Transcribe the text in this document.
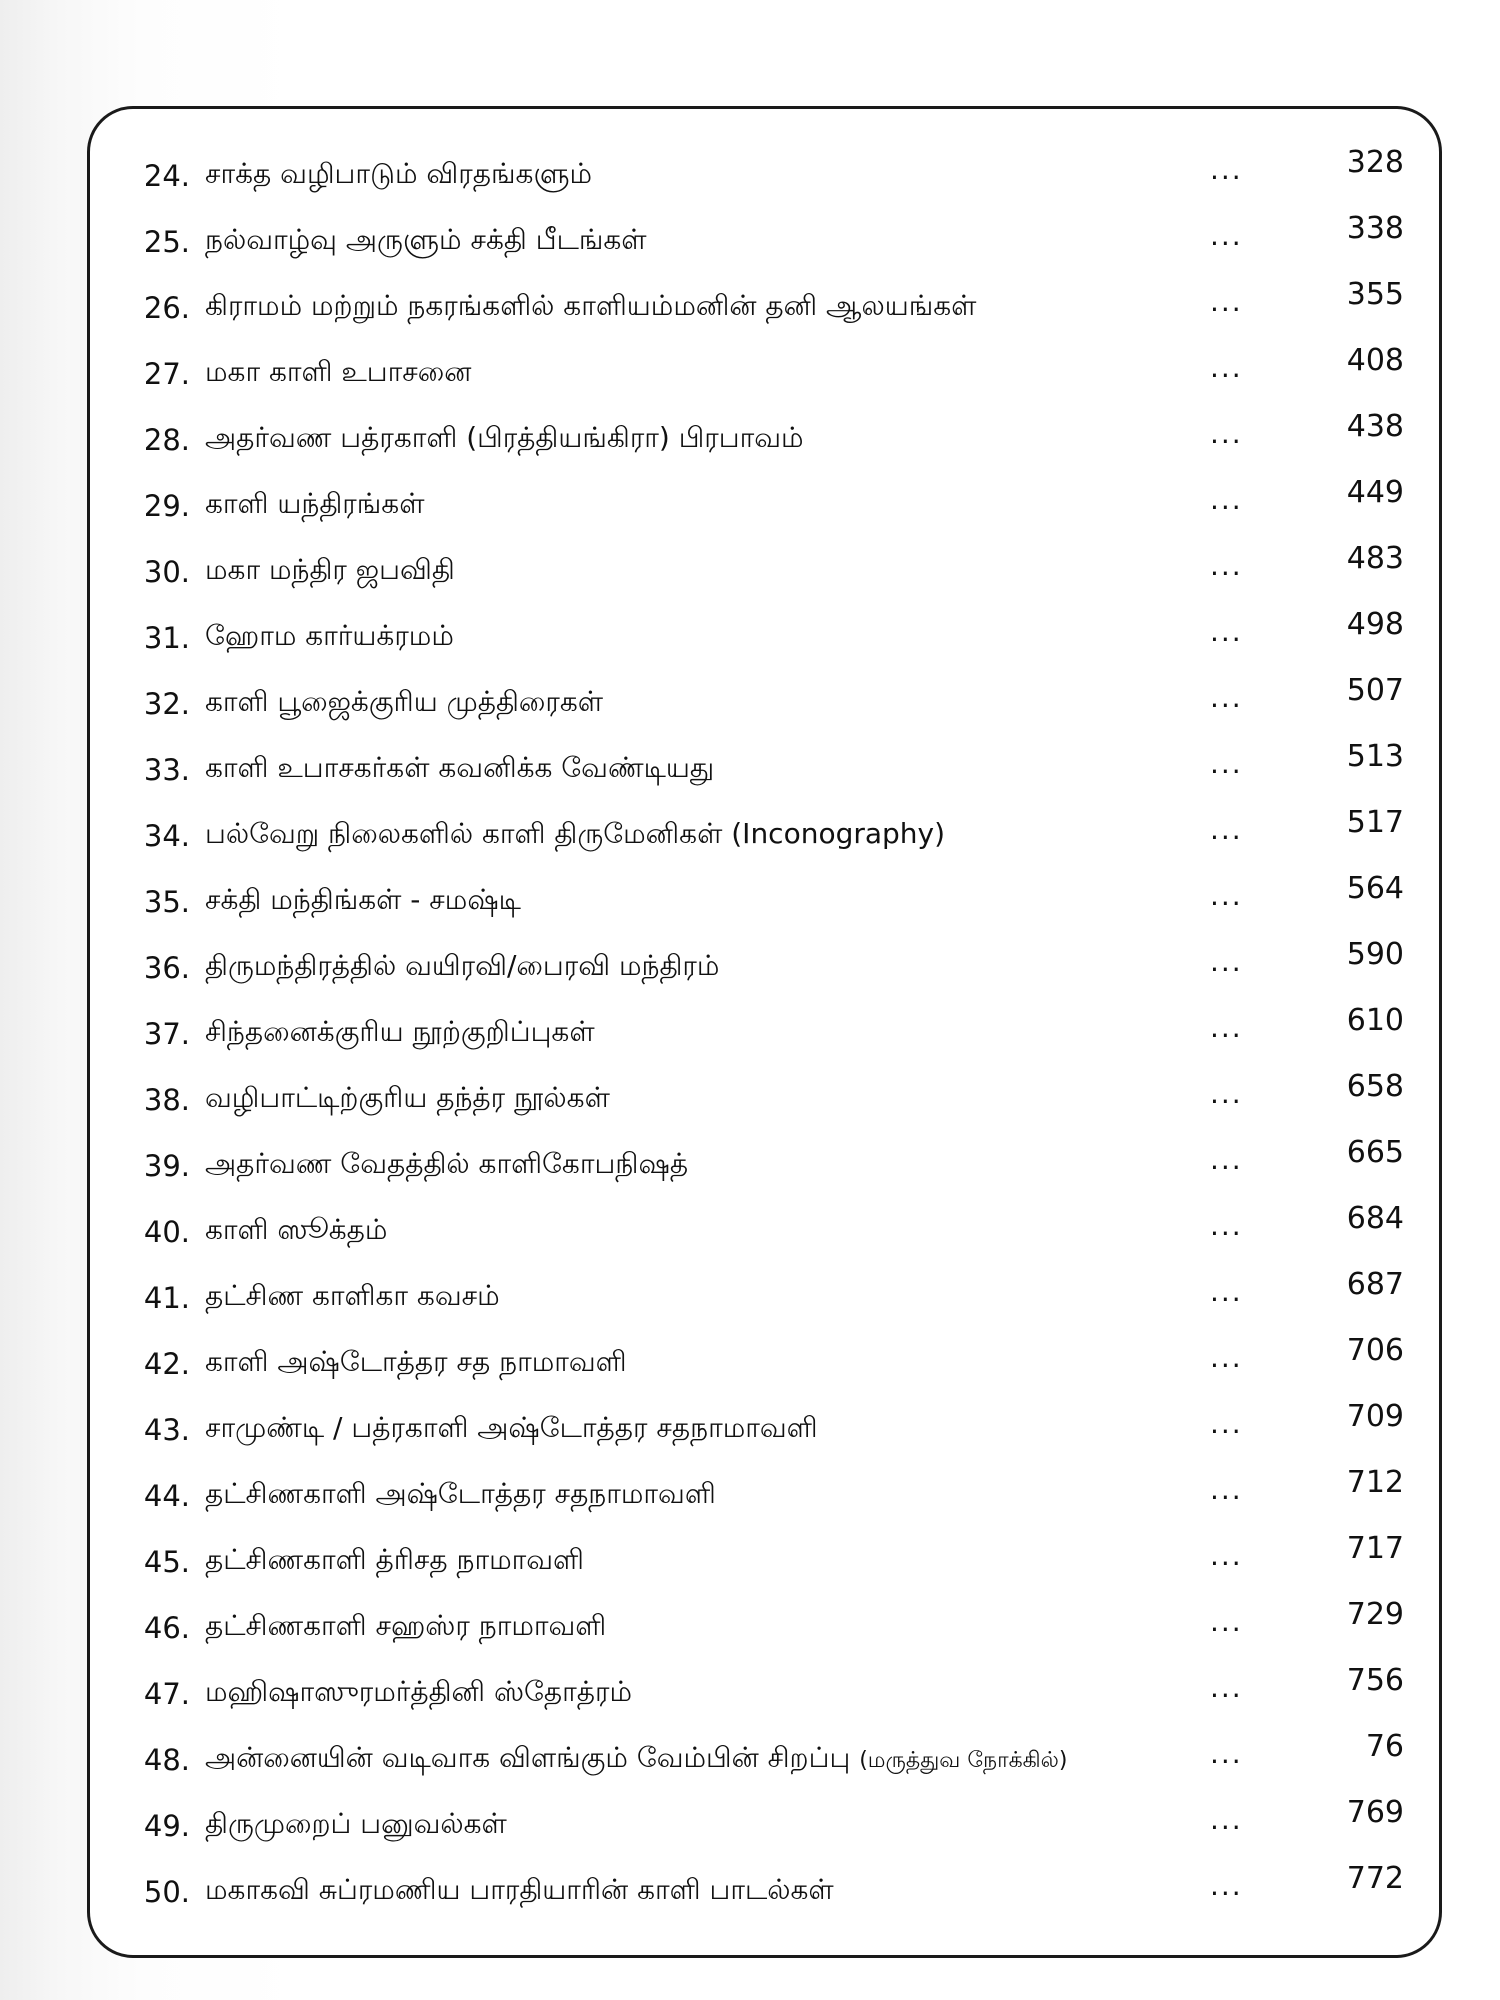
24. சாக்த வழிபாடும் விரதங்களும்	...	328
25. நல்வாழ்வு அருளும் சக்தி பீடங்கள்	...	338
26. கிராமம் மற்றும் நகரங்களில் காளியம்மனின் தனி ஆலயங்கள்	...	355
27. மகா காளி உபாசனை	...	408
28. அதர்வண பத்ரகாளி (பிரத்தியங்கிரா) பிரபாவம்	...	438
29. காளி யந்திரங்கள்	...	449
30. மகா மந்திர ஜபவிதி	...	483
31. ஹோம கார்யக்ரமம்	...	498
32. காளி பூஜைக்குரிய முத்திரைகள்	...	507
33. காளி உபாசகர்கள் கவனிக்க வேண்டியது	...	513
34. பல்வேறு நிலைகளில் காளி திருமேனிகள் (Inconography)	...	517
35. சக்தி மந்திங்கள் - சமஷ்டி	...	564
36. திருமந்திரத்தில் வயிரவி/பைரவி மந்திரம்	...	590
37. சிந்தனைக்குரிய நூற்குறிப்புகள்	...	610
38. வழிபாட்டிற்குரிய தந்த்ர நூல்கள்	...	658
39. அதர்வண வேதத்தில் காளிகோபநிஷத்	...	665
40. காளி ஸூக்தம்	...	684
41. தட்சிண காளிகா கவசம்	...	687
42. காளி அஷ்டோத்தர சத நாமாவளி	...	706
43. சாமுண்டி / பத்ரகாளி அஷ்டோத்தர சதநாமாவளி	...	709
44. தட்சிணகாளி அஷ்டோத்தர சதநாமாவளி	...	712
45. தட்சிணகாளி த்ரிசத நாமாவளி	...	717
46. தட்சிணகாளி சஹஸ்ர நாமாவளி	...	729
47. மஹிஷாஸுரமர்த்தினி ஸ்தோத்ரம்	...	756
48. அன்னையின் வடிவாக விளங்கும் வேம்பின் சிறப்பு (மருத்துவ நோக்கில்)	...	76
49. திருமுறைப் பனுவல்கள்	...	769
50. மகாகவி சுப்ரமணிய பாரதியாரின் காளி பாடல்கள்	...	772
